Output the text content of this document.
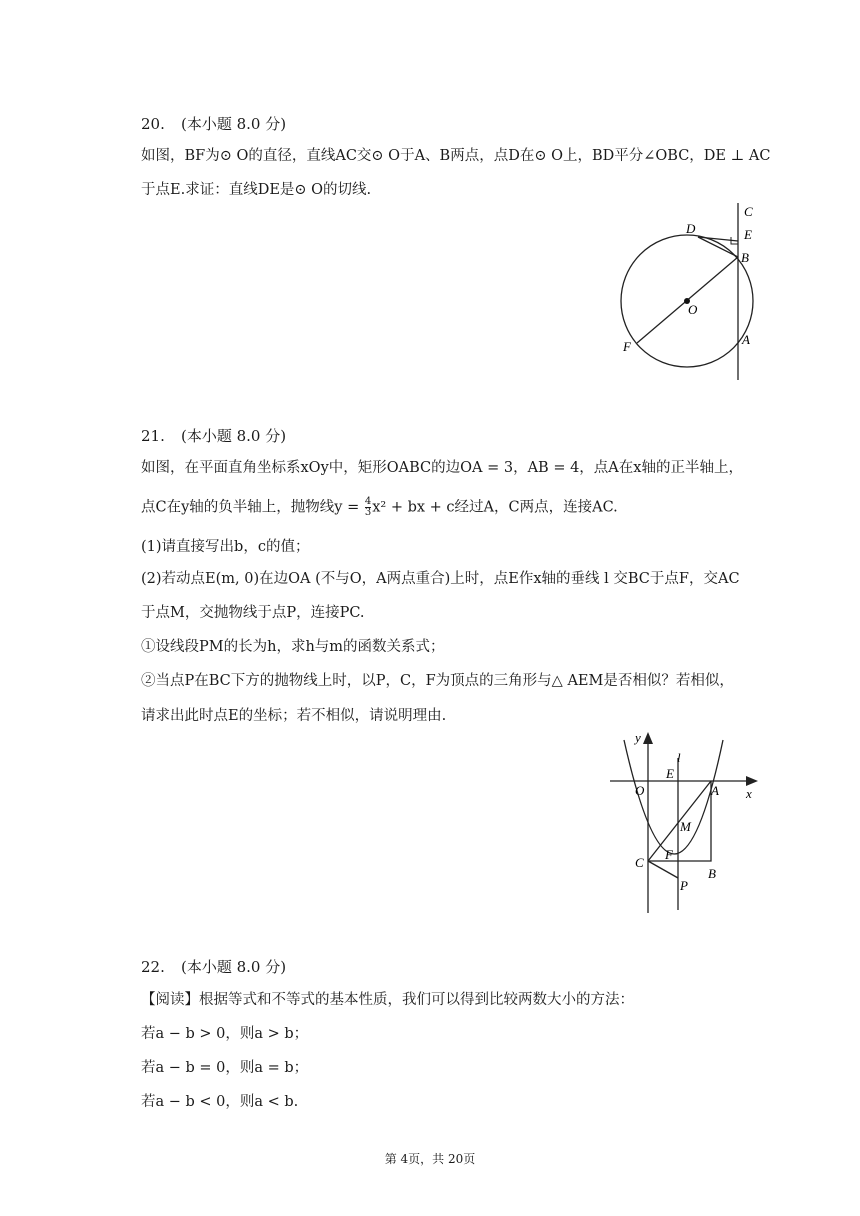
20. (本小题 8.0 分)
如图，BF为⊙ O的直径，直线AC交⊙ O于A、B两点，点D在⊙ O上，BD平分∠OBC，DE ⊥ AC
于点E.求证：直线DE是⊙ O的切线.
C
D	E
B
O
A
F
21. (本小题 8.0 分)
如图，在平面直角坐标系xOy中，矩形OABC的边OA = 3，AB = 4，点A在x轴的正半轴上，
点C在y轴的负半轴上，抛物线$y = \frac{4}{3} x^2$ + bx + c经过A，C两点，连接AC.
(1)请直接写出b，c的值；
(2)若动点E(m, 0)在边OA (不与O，A两点重合)上时，点E作x轴的垂线 l 交BC于点F，交AC
于点M，交抛物线于点P，连接PC.
①设线段PM的长为h，求h与m的函数关系式；
②当点P在BC下方的抛物线上时，以P，C，F为顶点的三角形与△ AEM是否相似？若相似，
请求出此时点E的坐标；若不相似，请说明理由.
y
l
E
O	A x
M
F
C
P
B
22. (本小题 8.0 分)
【阅读】根据等式和不等式的基本性质，我们可以得到比较两数大小的方法：
若a − b > 0，则a > b；
若a − b = 0，则a = b；
若a − b < 0，则a < b.
第 4页，共 20页
